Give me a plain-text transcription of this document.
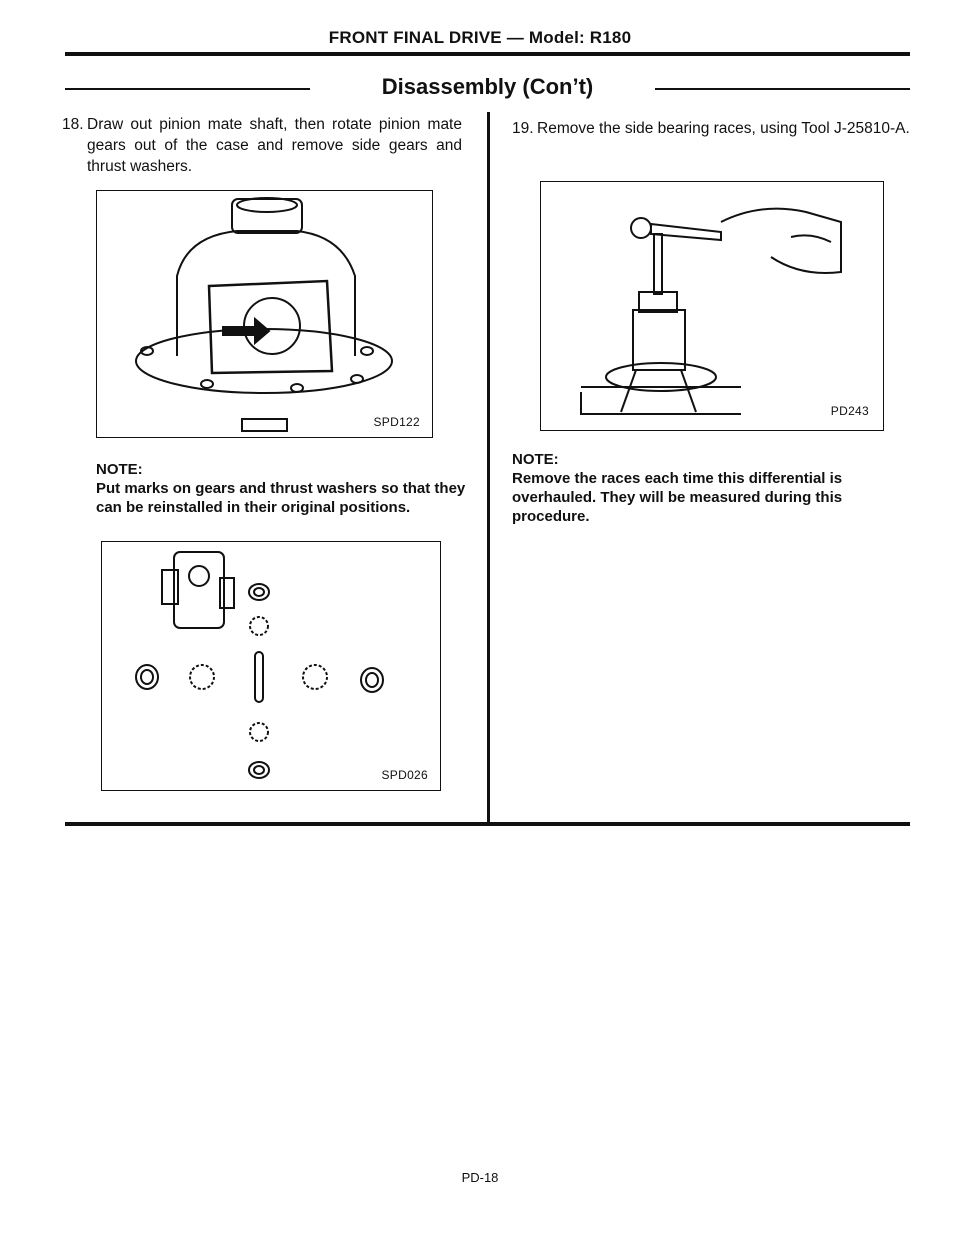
FRONT FINAL DRIVE — Model: R180
Disassembly (Con’t)
18. Draw out pinion mate shaft, then rotate pinion mate gears out of the case and remove side gears and thrust washers.
SPD122
NOTE:
Put marks on gears and thrust washers so that they can be reinstalled in their original positions.
SPD026
19. Remove the side bearing races, using Tool J-25810-A.
PD243
NOTE:
Remove the races each time this differential is overhauled. They will be measured during this procedure.
PD-18
